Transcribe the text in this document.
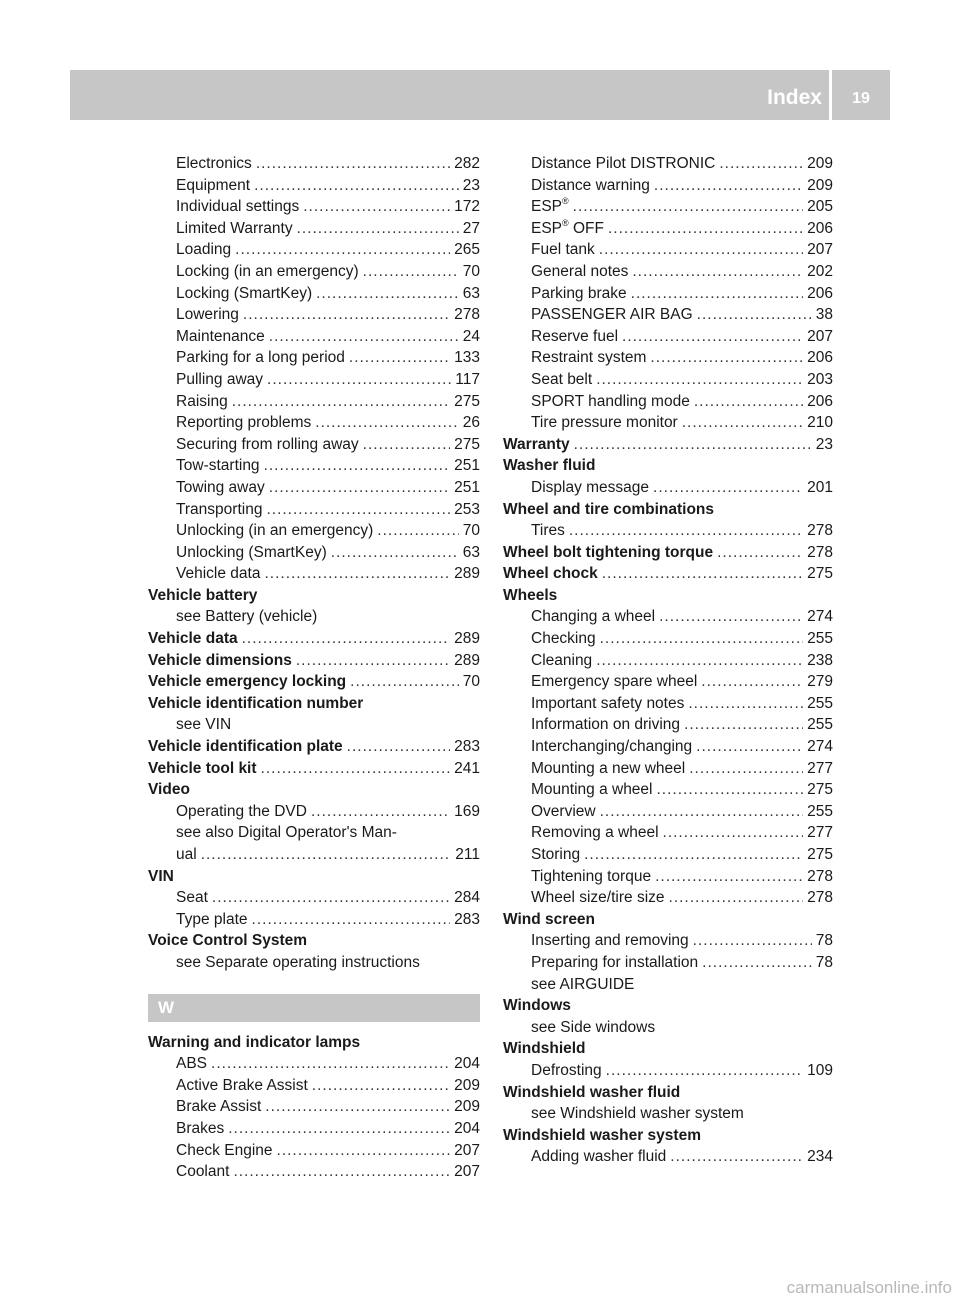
Index	19
Electronics .....	282
Equipment .....	23
Individual settings .....	172
Limited Warranty .....	27
Loading .....	265
Locking (in an emergency) .....	70
Locking (SmartKey) .....	63
Lowering .....	278
Maintenance .....	24
Parking for a long period .....	133
Pulling away .....	117
Raising .....	275
Reporting problems .....	26
Securing from rolling away .....	275
Tow-starting .....	251
Towing away .....	251
Transporting .....	253
Unlocking (in an emergency) .....	70
Unlocking (SmartKey) .....	63
Vehicle data .....	289
Vehicle battery
see Battery (vehicle)
Vehicle data .....	289
Vehicle dimensions .....	289
Vehicle emergency locking .....	70
Vehicle identification number
see VIN
Vehicle identification plate .....	283
Vehicle tool kit .....	241
Video
Operating the DVD .....	169
see also Digital Operator's Man-
ual .....	211
VIN
Seat .....	284
Type plate .....	283
Voice Control System
see Separate operating instructions
W
Warning and indicator lamps
ABS .....	204
Active Brake Assist .....	209
Brake Assist .....	209
Brakes .....	204
Check Engine .....	207
Coolant .....	207
Distance Pilot DISTRONIC .....	209
Distance warning .....	209
ESP® .....	205
ESP® OFF .....	206
Fuel tank .....	207
General notes .....	202
Parking brake .....	206
PASSENGER AIR BAG .....	38
Reserve fuel .....	207
Restraint system .....	206
Seat belt .....	203
SPORT handling mode .....	206
Tire pressure monitor .....	210
Warranty .....	23
Washer fluid
Display message .....	201
Wheel and tire combinations
Tires .....	278
Wheel bolt tightening torque .....	278
Wheel chock .....	275
Wheels
Changing a wheel .....	274
Checking .....	255
Cleaning .....	238
Emergency spare wheel .....	279
Important safety notes .....	255
Information on driving .....	255
Interchanging/changing .....	274
Mounting a new wheel .....	277
Mounting a wheel .....	275
Overview .....	255
Removing a wheel .....	277
Storing .....	275
Tightening torque .....	278
Wheel size/tire size .....	278
Wind screen
Inserting and removing .....	78
Preparing for installation .....	78
see AIRGUIDE
Windows
see Side windows
Windshield
Defrosting .....	109
Windshield washer fluid
see Windshield washer system
Windshield washer system
Adding washer fluid .....	234
carmanualsonline.info
